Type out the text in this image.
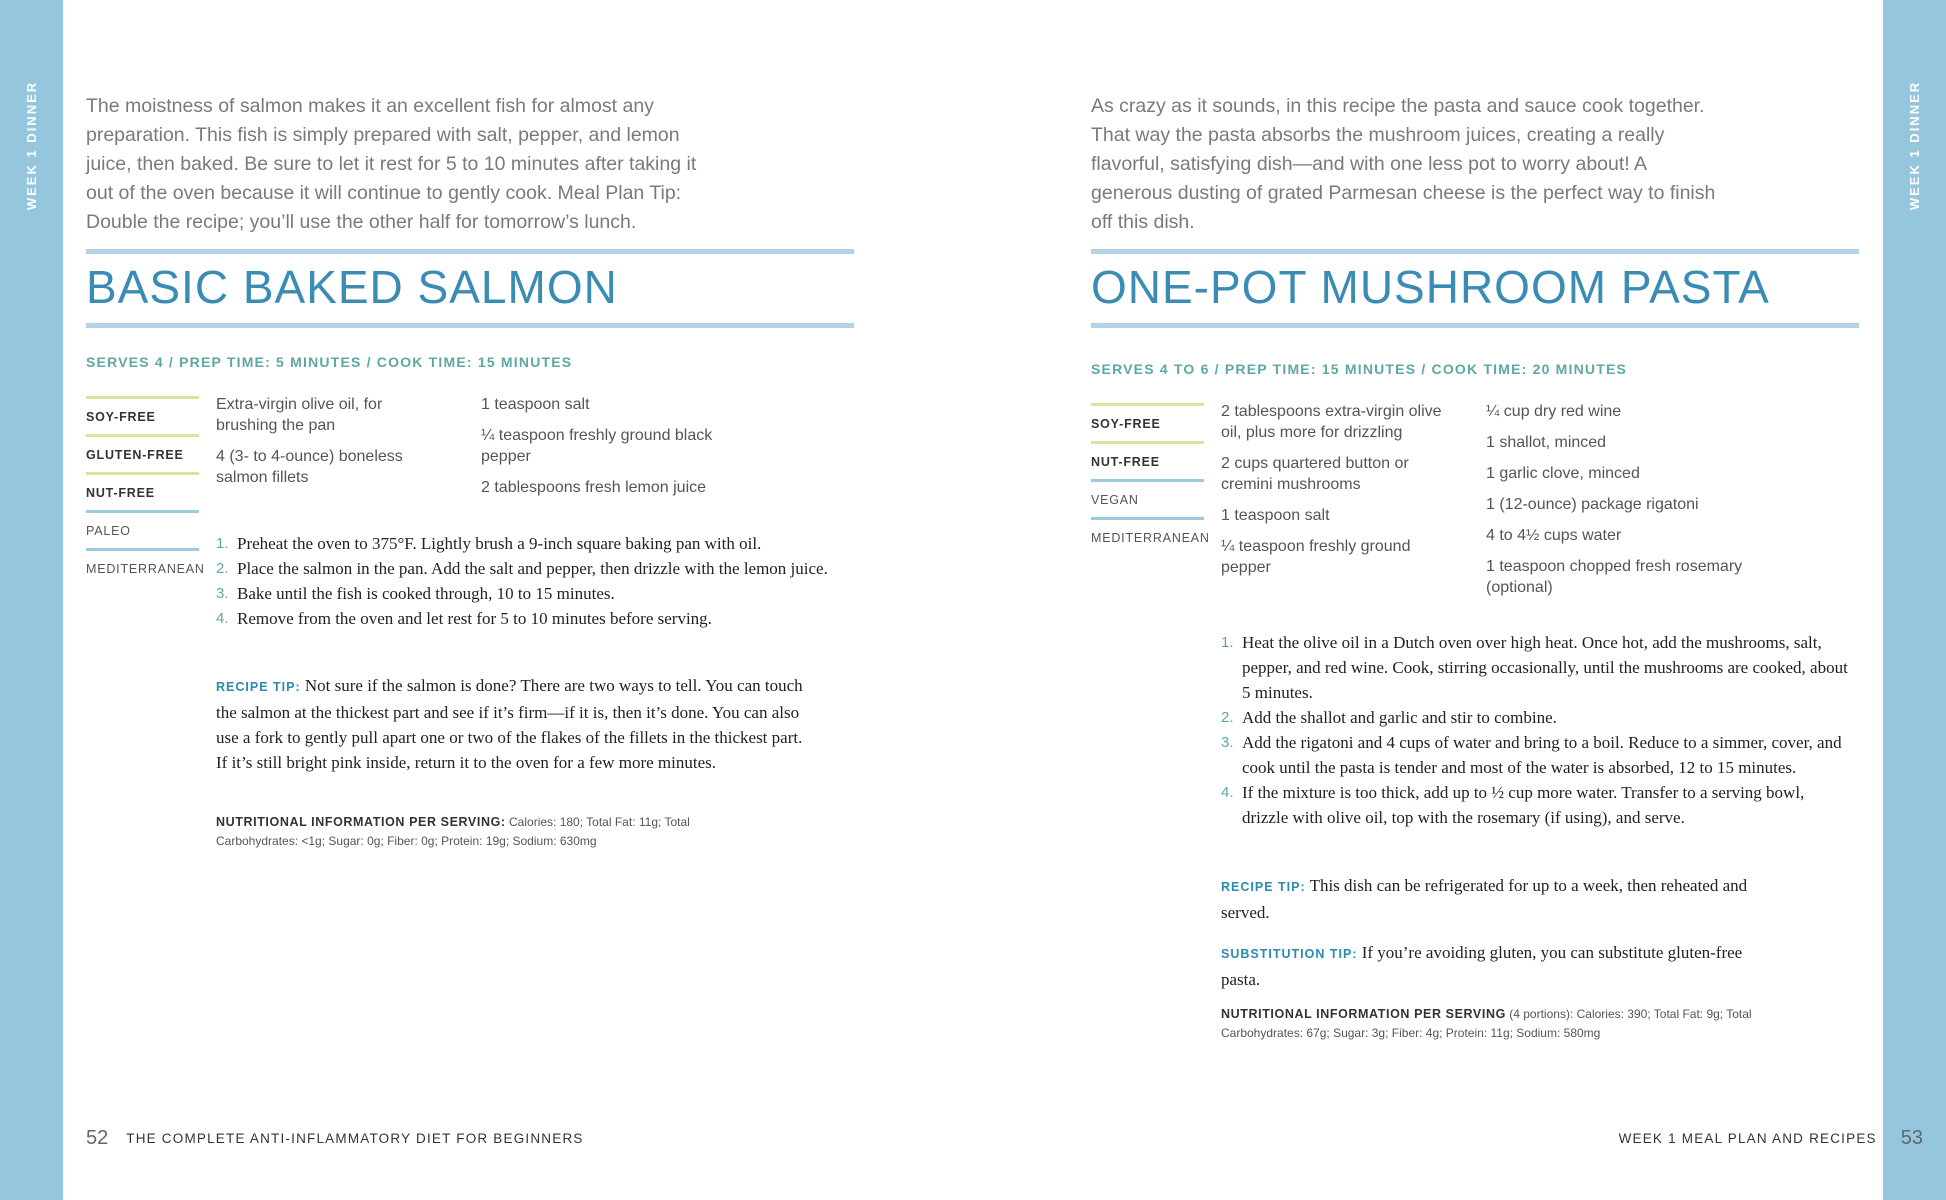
WEEK 1 DINNER	WEEK 1 DINNER

The moistness of salmon makes it an excellent fish for almost any preparation. This fish is simply prepared with salt, pepper, and lemon juice, then baked. Be sure to let it rest for 5 to 10 minutes after taking it out of the oven because it will continue to gently cook. Meal Plan Tip: Double the recipe; you’ll use the other half for tomorrow’s lunch.

BASIC BAKED SALMON
SERVES 4 / PREP TIME: 5 MINUTES / COOK TIME: 15 MINUTES
SOY-FREE
GLUTEN-FREE
NUT-FREE
PALEO
MEDITERRANEAN
Extra-virgin olive oil, for brushing the pan
4 (3- to 4-ounce) boneless salmon fillets
1 teaspoon salt
¼ teaspoon freshly ground black pepper
2 tablespoons fresh lemon juice
1. Preheat the oven to 375°F. Lightly brush a 9-inch square baking pan with oil.
2. Place the salmon in the pan. Add the salt and pepper, then drizzle with the lemon juice.
3. Bake until the fish is cooked through, 10 to 15 minutes.
4. Remove from the oven and let rest for 5 to 10 minutes before serving.

RECIPE TIP: Not sure if the salmon is done? There are two ways to tell. You can touch the salmon at the thickest part and see if it’s firm—if it is, then it’s done. You can also use a fork to gently pull apart one or two of the flakes of the fillets in the thickest part. If it’s still bright pink inside, return it to the oven for a few more minutes.

NUTRITIONAL INFORMATION PER SERVING: Calories: 180; Total Fat: 11g; Total Carbohydrates: <1g; Sugar: 0g; Fiber: 0g; Protein: 19g; Sodium: 630mg

52 THE COMPLETE ANTI-INFLAMMATORY DIET FOR BEGINNERS

As crazy as it sounds, in this recipe the pasta and sauce cook together. That way the pasta absorbs the mushroom juices, creating a really flavorful, satisfying dish—and with one less pot to worry about! A generous dusting of grated Parmesan cheese is the perfect way to finish off this dish.

ONE-POT MUSHROOM PASTA
SERVES 4 TO 6 / PREP TIME: 15 MINUTES / COOK TIME: 20 MINUTES
SOY-FREE
NUT-FREE
VEGAN
MEDITERRANEAN
2 tablespoons extra-virgin olive oil, plus more for drizzling
2 cups quartered button or cremini mushrooms
1 teaspoon salt
¼ teaspoon freshly ground pepper
¼ cup dry red wine
1 shallot, minced
1 garlic clove, minced
1 (12-ounce) package rigatoni
4 to 4½ cups water
1 teaspoon chopped fresh rosemary (optional)
1. Heat the olive oil in a Dutch oven over high heat. Once hot, add the mushrooms, salt, pepper, and red wine. Cook, stirring occasionally, until the mushrooms are cooked, about 5 minutes.
2. Add the shallot and garlic and stir to combine.
3. Add the rigatoni and 4 cups of water and bring to a boil. Reduce to a simmer, cover, and cook until the pasta is tender and most of the water is absorbed, 12 to 15 minutes.
4. If the mixture is too thick, add up to ½ cup more water. Transfer to a serving bowl, drizzle with olive oil, top with the rosemary (if using), and serve.

RECIPE TIP: This dish can be refrigerated for up to a week, then reheated and served.

SUBSTITUTION TIP: If you’re avoiding gluten, you can substitute gluten-free pasta.

NUTRITIONAL INFORMATION PER SERVING (4 portions): Calories: 390; Total Fat: 9g; Total Carbohydrates: 67g; Sugar: 3g; Fiber: 4g; Protein: 11g; Sodium: 580mg

WEEK 1 MEAL PLAN AND RECIPES 53
